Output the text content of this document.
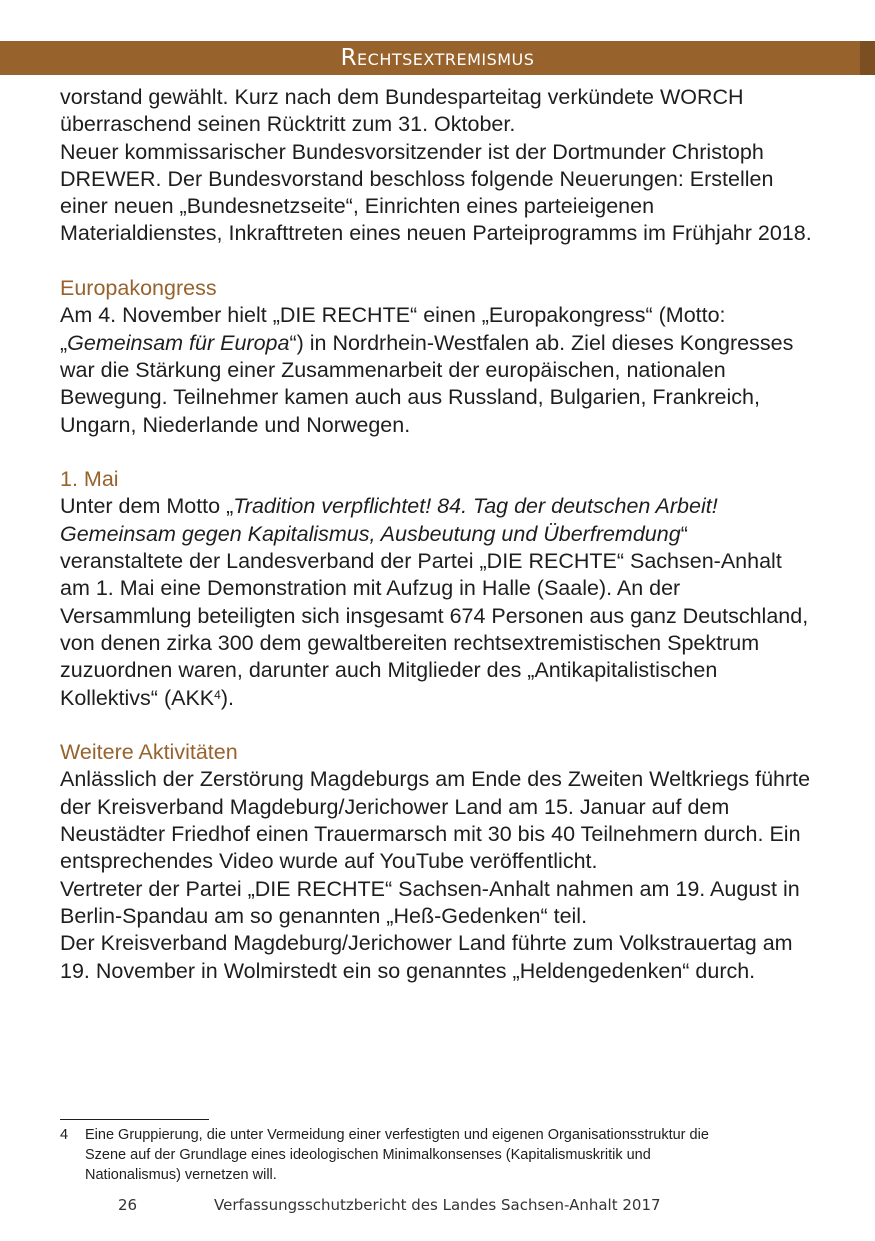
Rechtsextremismus

vorstand gewählt. Kurz nach dem Bundesparteitag verkündete WORCH
überraschend seinen Rücktritt zum 31. Oktober.

Neuer kommissarischer Bundesvorsitzender ist der Dortmunder Christoph DREWER. Der Bundesvorstand beschloss folgende Neuerungen: Erstellen einer neuen „Bundesnetzseite“, Einrichten eines parteieigenen Materialdienstes, Inkrafttreten eines neuen Parteiprogramms im Frühjahr 2018.

Europakongress

Am 4. November hielt „DIE RECHTE“ einen „Europakongress“ (Motto: „Gemeinsam für Europa“) in Nordrhein-Westfalen ab. Ziel dieses Kongresses war die Stärkung einer Zusammenarbeit der europäischen, nationalen Bewegung. Teilnehmer kamen auch aus Russland, Bulgarien, Frankreich, Ungarn, Niederlande und Norwegen.

1. Mai

Unter dem Motto „Tradition verpflichtet! 84. Tag der deutschen Arbeit! Gemeinsam gegen Kapitalismus, Ausbeutung und Überfremdung“ veranstaltete der Landesverband der Partei „DIE RECHTE“ Sachsen-Anhalt am 1. Mai eine Demonstration mit Aufzug in Halle (Saale). An der Versammlung beteiligten sich insgesamt 674 Personen aus ganz Deutschland, von denen zirka 300 dem gewaltbereiten rechtsextremistischen Spektrum zuzuordnen waren, darunter auch Mitglieder des „Antikapitalistischen Kollektivs“ (AKK$^4$).

Weitere Aktivitäten

Anlässlich der Zerstörung Magdeburgs am Ende des Zweiten Weltkriegs führte der Kreisverband Magdeburg/Jerichower Land am 15. Januar auf dem Neustädter Friedhof einen Trauermarsch mit 30 bis 40 Teilnehmern durch. Ein entsprechendes Video wurde auf YouTube veröffentlicht.

Vertreter der Partei „DIE RECHTE“ Sachsen-Anhalt nahmen am 19. August in Berlin-Spandau am so genannten „Heß-Gedenken“ teil.

Der Kreisverband Magdeburg/Jerichower Land führte zum Volkstrauertag am 19. November in Wolmirstedt ein so genanntes „Heldengedenken“ durch.

4	Eine Gruppierung, die unter Vermeidung einer verfestigten und eigenen Organisationsstruktur die
Szene auf der Grundlage eines ideologischen Minimalkonsenses (Kapitalismuskritik und
Nationalismus) vernetzen will.
26	Verfassungsschutzbericht des Landes Sachsen-Anhalt 2017
